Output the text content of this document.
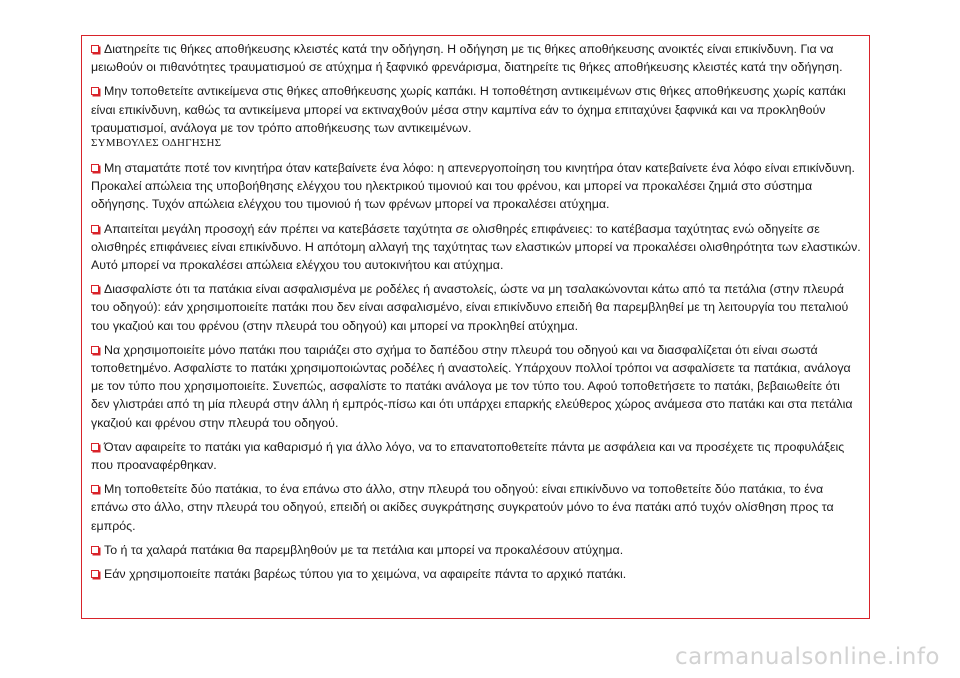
Διατηρείτε τις θήκες αποθήκευσης κλειστές κατά την οδήγηση. Η οδήγηση με τις θήκες αποθήκευσης ανοικτές είναι επικίνδυνη. Για να μειωθούν οι πιθανότητες τραυματισμού σε ατύχημα ή ξαφνικό φρενάρισμα, διατηρείτε τις θήκες αποθήκευσης κλειστές κατά την οδήγηση.

Μην τοποθετείτε αντικείμενα στις θήκες αποθήκευσης χωρίς καπάκι. Η τοποθέτηση αντικειμένων στις θήκες αποθήκευσης χωρίς καπάκι είναι επικίνδυνη, καθώς τα αντικείμενα μπορεί να εκτιναχθούν μέσα στην καμπίνα εάν το όχημα επιταχύνει ξαφνικά και να προκληθούν τραυματισμοί, ανάλογα με τον τρόπο αποθήκευσης των αντικειμένων.

ΣΥΜΒΟΥΛΕΣ ΟΔΗΓΗΣΗΣ

Μη σταματάτε ποτέ τον κινητήρα όταν κατεβαίνετε ένα λόφο: η απενεργοποίηση του κινητήρα όταν κατεβαίνετε ένα λόφο είναι επικίνδυνη. Προκαλεί απώλεια της υποβοήθησης ελέγχου του ηλεκτρικού τιμονιού και του φρένου, και μπορεί να προκαλέσει ζημιά στο σύστημα οδήγησης. Τυχόν απώλεια ελέγχου του τιμονιού ή των φρένων μπορεί να προκαλέσει ατύχημα.

Απαιτείται μεγάλη προσοχή εάν πρέπει να κατεβάσετε ταχύτητα σε ολισθηρές επιφάνειες: το κατέβασμα ταχύτητας ενώ οδηγείτε σε ολισθηρές επιφάνειες είναι επικίνδυνο. Η απότομη αλλαγή της ταχύτητας των ελαστικών μπορεί να προκαλέσει ολισθηρότητα των ελαστικών. Αυτό μπορεί να προκαλέσει απώλεια ελέγχου του αυτοκινήτου και ατύχημα.

Διασφαλίστε ότι τα πατάκια είναι ασφαλισμένα με ροδέλες ή αναστολείς, ώστε να μη τσαλακώνονται κάτω από τα πετάλια (στην πλευρά του οδηγού): εάν χρησιμοποιείτε πατάκι που δεν είναι ασφαλισμένο, είναι επικίνδυνο επειδή θα παρεμβληθεί με τη λειτουργία του πεταλιού του γκαζιού και του φρένου (στην πλευρά του οδηγού) και μπορεί να προκληθεί ατύχημα.

Να χρησιμοποιείτε μόνο πατάκι που ταιριάζει στο σχήμα το δαπέδου στην πλευρά του οδηγού και να διασφαλίζεται ότι είναι σωστά τοποθετημένο. Ασφαλίστε το πατάκι χρησιμοποιώντας ροδέλες ή αναστολείς. Υπάρχουν πολλοί τρόποι να ασφαλίσετε τα πατάκια, ανάλογα με τον τύπο που χρησιμοποιείτε. Συνεπώς, ασφαλίστε το πατάκι ανάλογα με τον τύπο του. Αφού τοποθετήσετε το πατάκι, βεβαιωθείτε ότι δεν γλιστράει από τη μία πλευρά στην άλλη ή εμπρός-πίσω και ότι υπάρχει επαρκής ελεύθερος χώρος ανάμεσα στο πατάκι και στα πετάλια γκαζιού και φρένου στην πλευρά του οδηγού.

Όταν αφαιρείτε το πατάκι για καθαρισμό ή για άλλο λόγο, να το επανατοποθετείτε πάντα με ασφάλεια και να προσέχετε τις προφυλάξεις που προαναφέρθηκαν.

Μη τοποθετείτε δύο πατάκια, το ένα επάνω στο άλλο, στην πλευρά του οδηγού: είναι επικίνδυνο να τοποθετείτε δύο πατάκια, το ένα επάνω στο άλλο, στην πλευρά του οδηγού, επειδή οι ακίδες συγκράτησης συγκρατούν μόνο το ένα πατάκι από τυχόν ολίσθηση προς τα εμπρός.

Το ή τα χαλαρά πατάκια θα παρεμβληθούν με τα πετάλια και μπορεί να προκαλέσουν ατύχημα.

Εάν χρησιμοποιείτε πατάκι βαρέως τύπου για το χειμώνα, να αφαιρείτε πάντα το αρχικό πατάκι.

carmanualsonline.info
